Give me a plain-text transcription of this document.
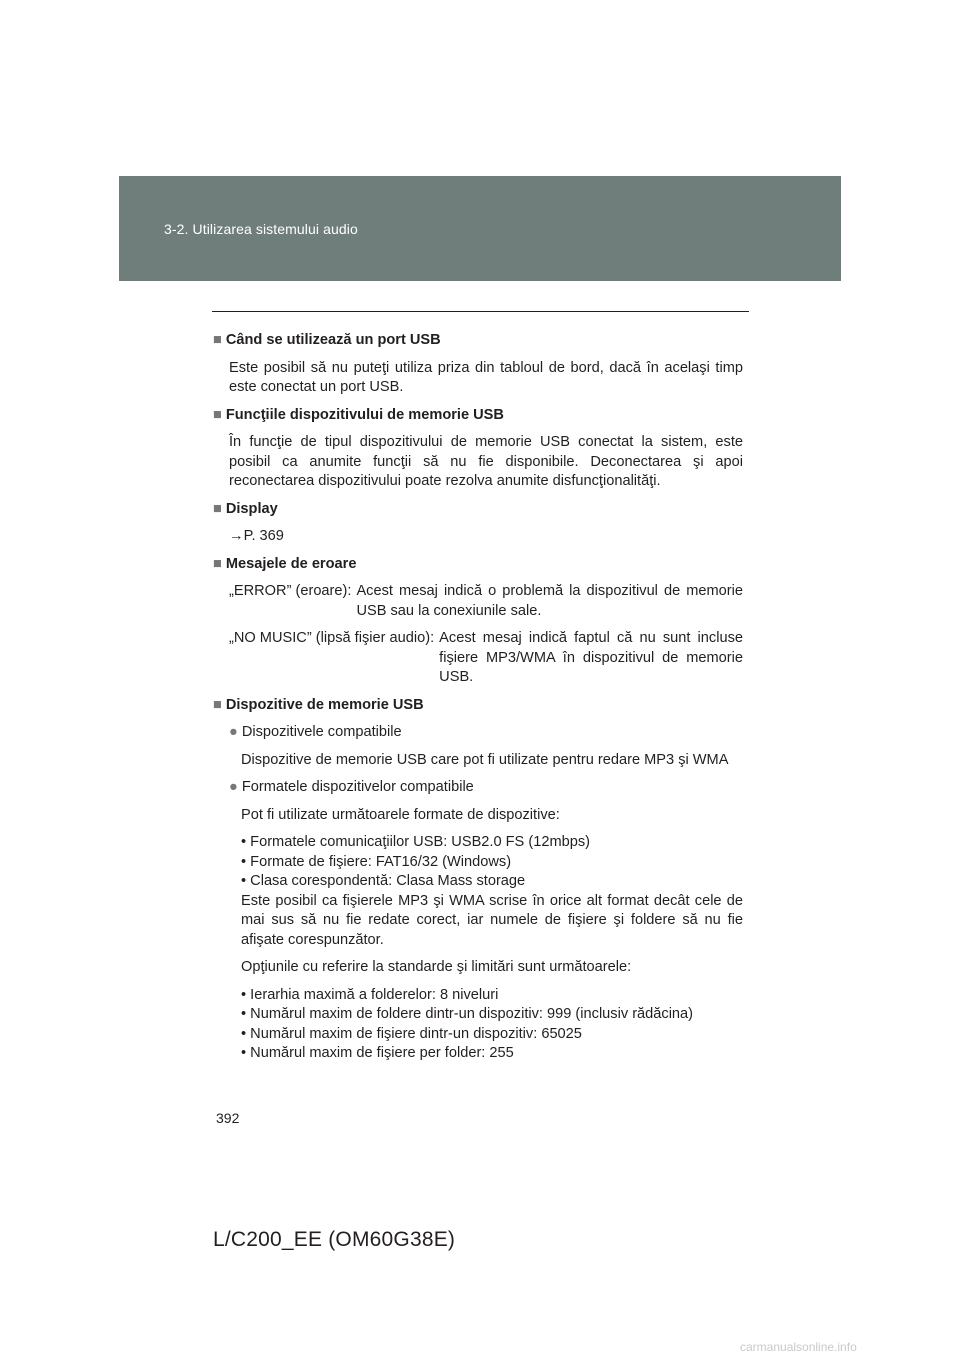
3-2. Utilizarea sistemului audio
■ Când se utilizează un port USB
Este posibil să nu puteţi utiliza priza din tabloul de bord, dacă în acelaşi timp este conectat un port USB.
■ Funcţiile dispozitivului de memorie USB
În funcţie de tipul dispozitivului de memorie USB conectat la sistem, este posibil ca anumite funcţii să nu fie disponibile. Deconectarea şi apoi reconectarea dispozitivului poate rezolva anumite disfuncţionalităţi.
■ Display
→P. 369
■ Mesajele de eroare
„ERROR” (eroare): Acest mesaj indică o problemă la dispozitivul de memorie USB sau la conexiunile sale.
„NO MUSIC” (lipsă fişier audio): Acest mesaj indică faptul că nu sunt incluse fişiere MP3/WMA în dispozitivul de memorie USB.
■ Dispozitive de memorie USB
● Dispozitivele compatibile
Dispozitive de memorie USB care pot fi utilizate pentru redare MP3 şi WMA
● Formatele dispozitivelor compatibile
Pot fi utilizate următoarele formate de dispozitive:
• Formatele comunicaţiilor USB: USB2.0 FS (12mbps)
• Formate de fişiere: FAT16/32 (Windows)
• Clasa corespondentă: Clasa Mass storage
Este posibil ca fişierele MP3 şi WMA scrise în orice alt format decât cele de mai sus să nu fie redate corect, iar numele de fişiere şi foldere să nu fie afişate corespunzător.
Opţiunile cu referire la standarde şi limitări sunt următoarele:
• Ierarhia maximă a folderelor: 8 niveluri
• Numărul maxim de foldere dintr-un dispozitiv: 999 (inclusiv rădăcina)
• Numărul maxim de fişiere dintr-un dispozitiv: 65025
• Numărul maxim de fişiere per folder: 255
392
L/C200_EE (OM60G38E)
carmanualsonline.info
